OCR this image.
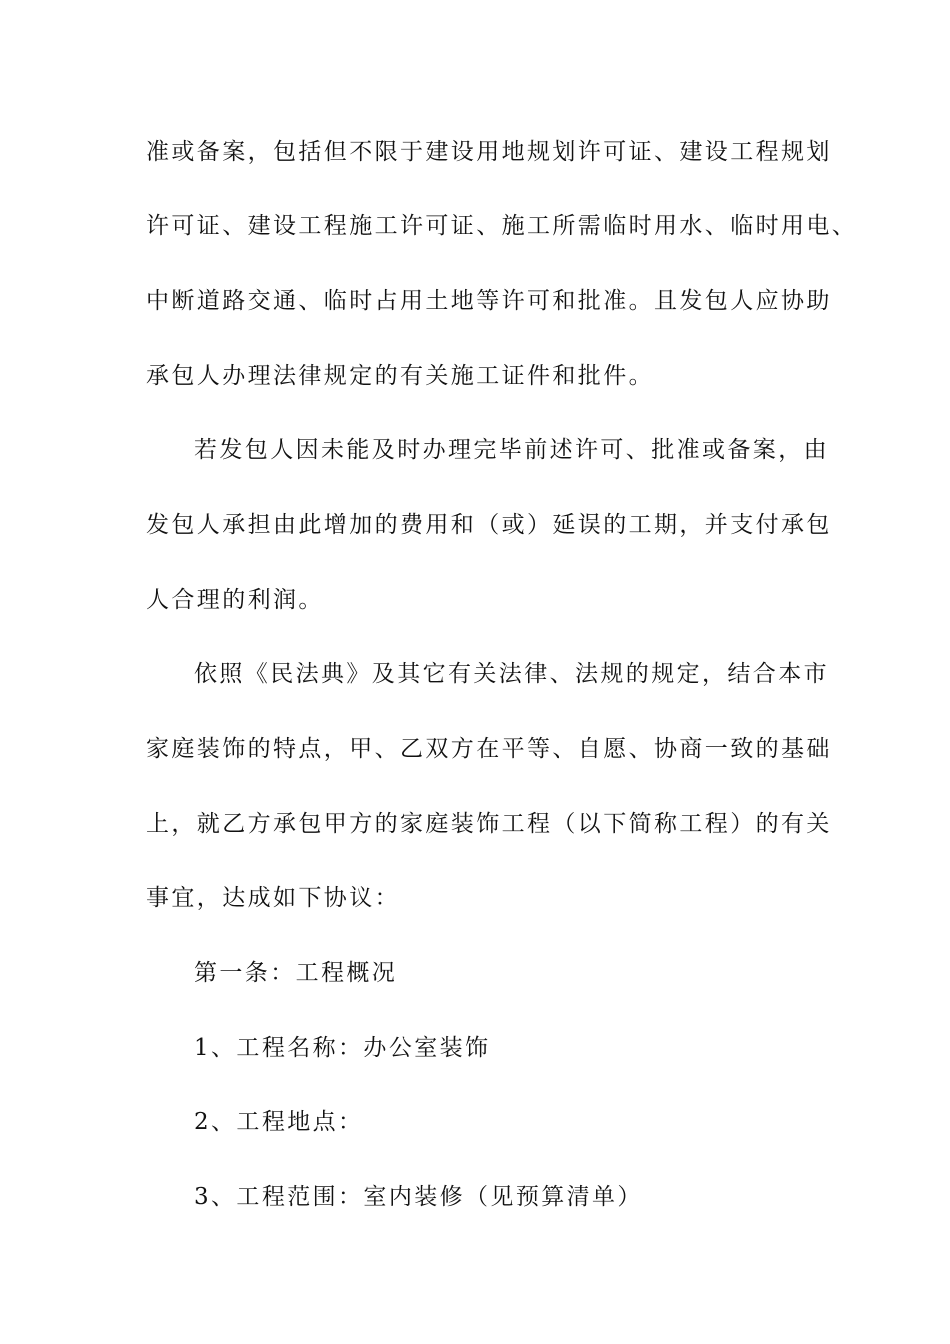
准或备案，包括但不限于建设用地规划许可证、建设工程规划
许可证、建设工程施工许可证、施工所需临时用水、临时用电、
中断道路交通、临时占用土地等许可和批准。且发包人应协助
承包人办理法律规定的有关施工证件和批件。
若发包人因未能及时办理完毕前述许可、批准或备案，由
发包人承担由此增加的费用和（或）延误的工期，并支付承包
人合理的利润。
依照《民法典》及其它有关法律、法规的规定，结合本市
家庭装饰的特点，甲、乙双方在平等、自愿、协商一致的基础
上，就乙方承包甲方的家庭装饰工程（以下简称工程）的有关
事宜，达成如下协议：
第一条：工程概况
1、工程名称：办公室装饰
2、工程地点：
3、工程范围：室内装修（见预算清单）
